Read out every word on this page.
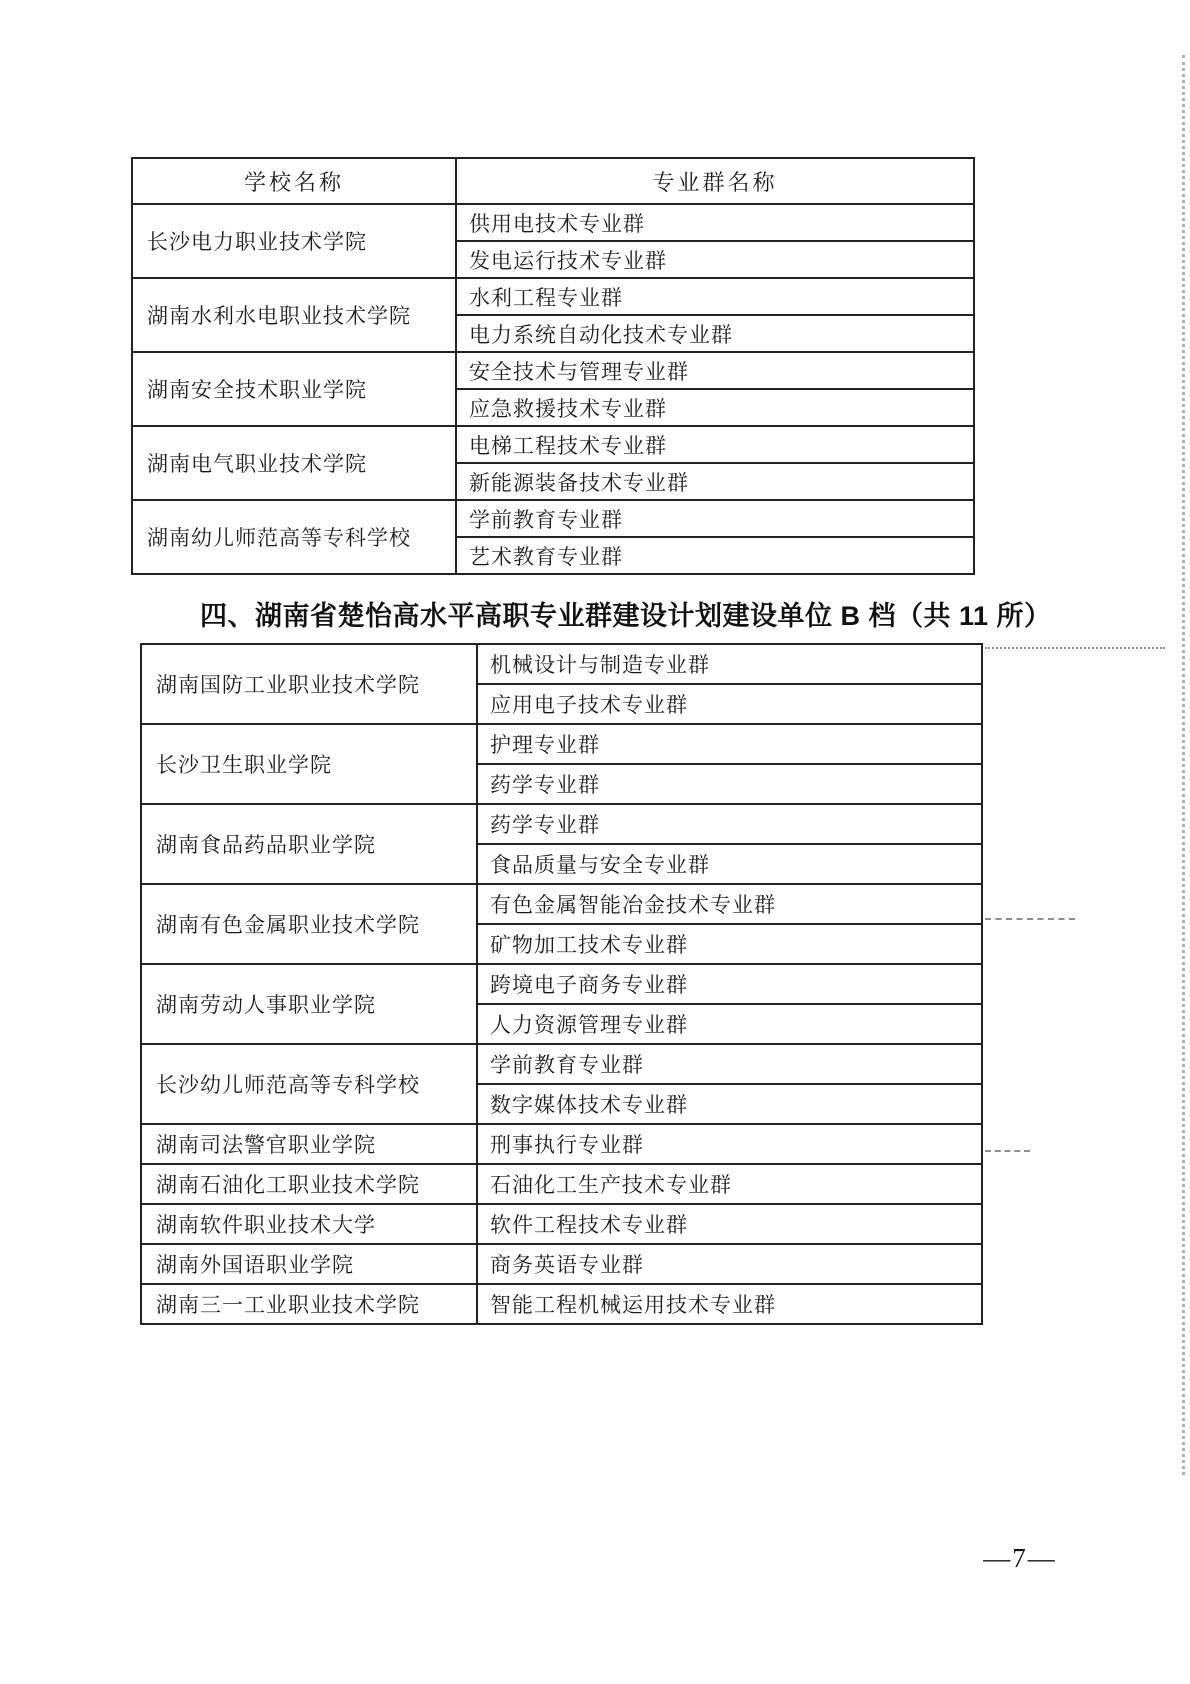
学校名称	专业群名称
长沙电力职业技术学院	供用电技术专业群
	发电运行技术专业群
湖南水利水电职业技术学院	水利工程专业群
	电力系统自动化技术专业群
湖南安全技术职业学院	安全技术与管理专业群
	应急救援技术专业群
湖南电气职业技术学院	电梯工程技术专业群
	新能源装备技术专业群
湖南幼儿师范高等专科学校	学前教育专业群
	艺术教育专业群
四、湖南省楚怡高水平高职专业群建设计划建设单位 B 档（共 11 所）
湖南国防工业职业技术学院	机械设计与制造专业群
	应用电子技术专业群
长沙卫生职业学院	护理专业群
	药学专业群
湖南食品药品职业学院	药学专业群
	食品质量与安全专业群
湖南有色金属职业技术学院	有色金属智能冶金技术专业群
	矿物加工技术专业群
湖南劳动人事职业学院	跨境电子商务专业群
	人力资源管理专业群
长沙幼儿师范高等专科学校	学前教育专业群
	数字媒体技术专业群
湖南司法警官职业学院	刑事执行专业群
湖南石油化工职业技术学院	石油化工生产技术专业群
湖南软件职业技术大学	软件工程技术专业群
湖南外国语职业学院	商务英语专业群
湖南三一工业职业技术学院	智能工程机械运用技术专业群
—7—
